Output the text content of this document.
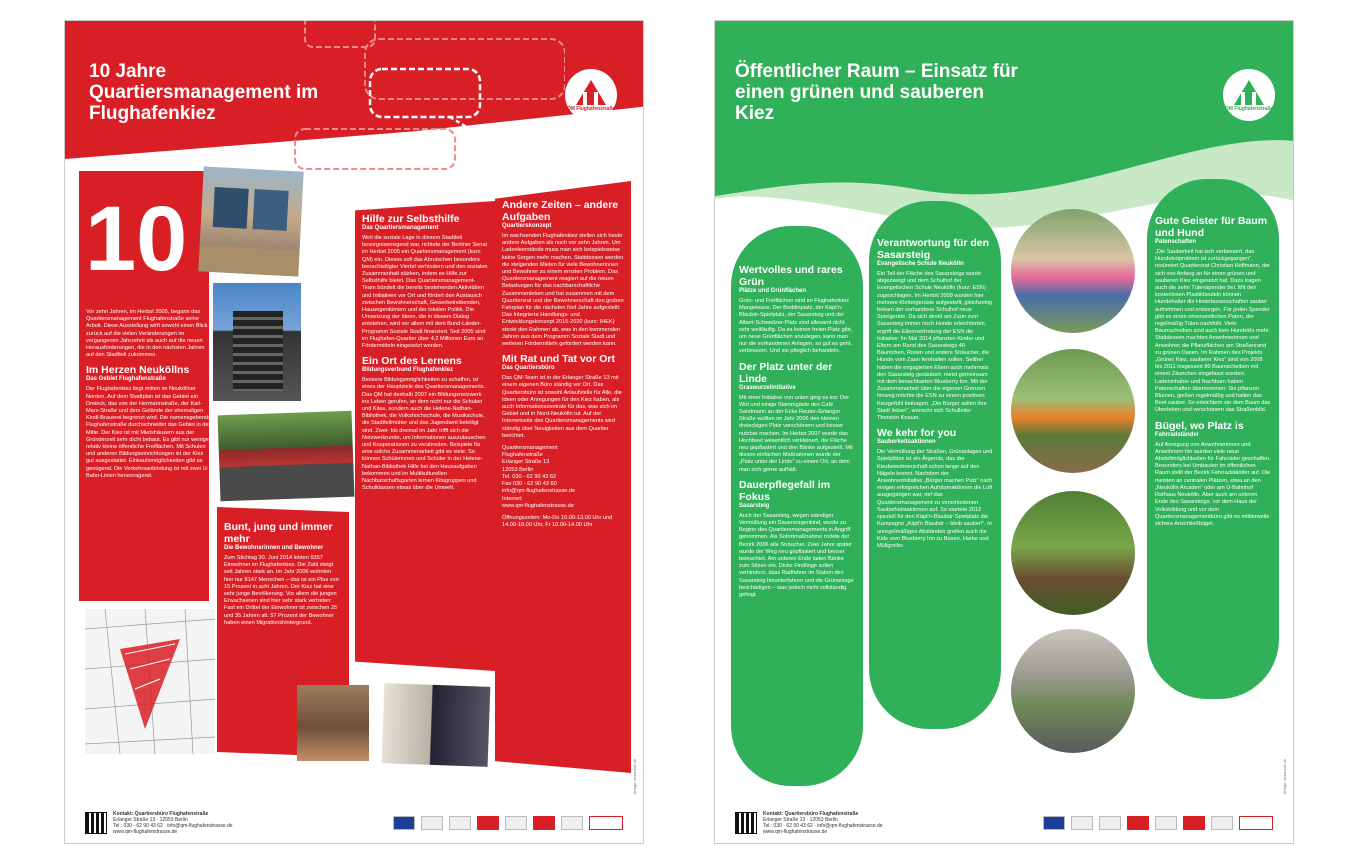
10 Jahre Quartiersmanagement im Flughafenkiez	QM Flughafenstraße
10

Vor zehn Jahren, im Herbst 2005, begann das Quartiersmanagement Flughafenstraße seine Arbeit. Diese Ausstellung wirft sowohl einen Blick zurück auf die vielen Veränderungen im vergangenen Jahrzehnt als auch auf die neuen Herausforderungen, die in den nächsten Jahren auf den Stadtteil zukommen.

Im Herzen Neuköllns
Das Gebiet Flughafenstraße

Der Flughafenkiez liegt mitten im Neuköllner Norden. Auf dem Stadtplan ist das Gebiet ein Dreieck, das von der Hermannstraße, der Karl-Marx-Straße und dem Gelände der ehemaligen Kindl-Brauerei begrenzt wird. Die namensgebende Flughafenstraße durchschneidet das Gebiet in der Mitte. Der Kiez ist mit Mietshäusern aus der Gründerzeit sehr dicht bebaut. Es gibt nur wenige, relativ kleine öffentliche Freiflächen. Mit Schulen und anderen Bildungseinrichtungen ist der Kiez gut ausgestattet. Einkaufsmöglichkeiten gibt es genügend. Die Verkehrsanbindung ist mit zwei U-Bahn-Linien hervorragend.

Hilfe zur Selbsthilfe
Das Quartiersmanagement

Weil die soziale Lage in diesem Stadtteil besorgniserregend war, richtete der Berliner Senat im Herbst 2005 ein Quartiersmanagement (kurz: QM) ein. Dieses soll das Abrutschen besonders benachteiligter Viertel verhindern und den sozialen Zusammenhalt stärken, indem es Hilfe zur Selbsthilfe bietet. Das Quartiersmanagement-Team bündelt die bereits bestehenden Aktivitäten und Initiativen vor Ort und fördert den Austausch zwischen Bewohnerschaft, Gewerbetreibenden, Hauseigentümern und der lokalen Politik. Die Umsetzung der Ideen, die in diesem Dialog entstehen, wird vor allem mit dem Bund-Länder-Programm Soziale Stadt finanziert. Seit 2005 sind im Flughafen-Quartier über 4,2 Millionen Euro an Fördermitteln eingesetzt worden.

Ein Ort des Lernens
Bildungsverbund Flughafenkiez

Bessere Bildungsmöglichkeiten zu schaffen, ist eines der Hauptziele des Quartiersmanagements. Das QM hat deshalb 2007 ein Bildungsnetzwerk ins Leben gerufen, an dem nicht nur die Schulen und Kitas, sondern auch die Helene-Nathan-Bibliothek, die Volkshochschule, die Musikschule, die Stadtteilmütter und das Jugendamt beteiligt sind. Zwei- bis dreimal im Jahr trifft sich die Netzwerkrunde, um Informationen auszutauschen und Kooperationen zu verabreden. Beispiele für eine solche Zusammenarbeit gibt es viele: So können Schülerinnen und Schüler in der Helene-Nathan-Bibliothek Hilfe bei den Hausaufgaben bekommen und im Multikulturellen Nachbarschaftsgarten lernen Kitagruppen und Schulklassen etwas über die Umwelt.

Bunt, jung und immer mehr
Die Bewohnerinnen und Bewohner

Zum Stichtag 30. Juni 2014 lebten 9357 Einwohner im Flughafenkiez. Die Zahl steigt seit Jahren stark an. Im Jahr 2006 wohnten hier nur 8147 Menschen – das ist ein Plus von 15 Prozent in acht Jahren. Der Kiez hat eine sehr junge Bevölkerung. Vor allem die jungen Erwachsenen sind hier sehr stark vertreten: Fast ein Drittel der Einwohner ist zwischen 25 und 35 Jahren alt. 57 Prozent der Bewohner haben einen Migrationshintergrund.

Andere Zeiten – andere Aufgaben
Quartierskonzept

Im wachsenden Flughafenkiez stellen sich heute andere Aufgaben als noch vor zehn Jahren. Um Ladenleerstände muss man sich beispielsweise keine Sorgen mehr machen. Stattdessen werden die steigenden Mieten für viele Bewohnerinnen und Bewohner zu einem ernsten Problem. Das Quartiersmanagement reagiert auf die neuen Belastungen für das nachbarschaftliche Zusammenleben und hat zusammen mit dem Quartiersrat und der Bewohnerschaft den groben Fahrplan für die nächsten fünf Jahre aufgestellt: Das Integrierte Handlungs- und Entwicklungskonzept 2015-2020 (kurz: IHEK) steckt den Rahmen ab, was in den kommenden Jahren aus dem Programm Soziale Stadt und weiteren Fördermitteln gefördert werden kann.

Mit Rat und Tat vor Ort
Das Quartiersbüro

Das QM-Team ist in der Erlanger Straße 13 mit einem eigenen Büro ständig vor Ort. Das Quartiersbüro ist sowohl Anlaufstelle für Alle, die Ideen oder Anregungen für den Kiez haben, als auch Informationszentrale für das, was sich im Gebiet und in Nord-Neukölln tut. Auf der Internetseite des Quartiersmanagements wird ständig über Neuigkeiten aus dem Quartier berichtet.

Quartiersmanagement
Flughafenstraße
Erlanger Straße 13
12053 Berlin
Tel. 030 - 62 90 43 62
Fax 030 - 62 90 43 60
info@qm-flughafenstrasse.de
Internet:
www.qm-flughafenstrasse.de

Öffnungszeiten: Mo-Do 10.00-13.00 Uhr und 14.00-18.00 Uhr, Fr 10.00-14.00 Uhr

design: www.ex9.de
Kontakt: Quartiersbüro Flughafenstraße
Erlanger Straße 13 · 12053 Berlin
Tel.: 030 - 62 90 43 62 · info@qm-flughafenstrasse.de
www.qm-flughafenstrasse.de
Öffentlicher Raum – Einsatz für einen grünen und sauberen Kiez	QM Flughafenstraße
Wertvolles und rares Grün
Plätze und Grünflächen

Grün- und Freiflächen sind im Flughafenkiez Mangelware. Der Boddinplatz, der Käpt'n-Blaubär-Spielplatz, der Sasarsteig und der Albert-Schweitzer-Platz sind allesamt nicht sehr weitläufig. Da es keinen freien Platz gibt, um neue Grünflächen anzulegen, kann man nur die vorhandenen Anlagen, so gut es geht, verbessern. Und sie pfleglich behandeln.

Der Platz unter der Linde
Graswurzelinitiative

Mit einer Initiative von unten ging es los: Der Wirt und einige Stammgäste des Café Sandmann an der Ecke Reuter-/Erlanger Straße wollten im Jahr 2006 den kleinen dreieckigen Platz verschönern und besser nutzbar machen. Im Herbst 2007 wurde das Hochbeet wesentlich verkleinert, die Fläche neu gepflastert und drei Bänke aufgestellt. Mit diesen einfachen Maßnahmen wurde der „Platz unter der Linde“ zu einem Ort, an dem man sich gerne aufhält.

Dauerpflegefall im Fokus
Sasarsteig

Auch der Sasarsteig, wegen ständiger Vermüllung ein Dauersorgenkind, wurde zu Beginn des Quartiersmanagements in Angriff genommen. Als Sofortmaßnahme rodete der Bezirk 2006 alle Sträucher. Zwei Jahre später wurde der Weg neu gepflastert und besser beleuchtet. Am unteren Ende laden Bänke zum Sitzen ein. Dicke Findlinge sollen verhindern, dass Radfahrer im Slalom den Sasarsteig hinunterfahren und die Grünanlage beschädigen – was jedoch nicht vollständig gelingt.

Verantwortung für den Sasarsteig
Evangelische Schule Neukölln

Ein Teil der Fläche des Sasarsteigs wurde abgezweigt und dem Schulhof der Evangelischen Schule Neukölln (kurz: ESN) zugeschlagen. Im Herbst 2009 wurden hier mehrere Klettergerüste aufgestellt, gleichzeitig bekam der vorhandene Schulhof neue Spielgeräte. Da sich direkt am Zaun zum Sasarsteig immer noch Hunde erleichterten, ergriff die Elternvertretung der ESN die Initiative: Im Mai 2014 pflanzten Kinder und Eltern am Rand des Sasarsteigs 40 Bäumchen, Rosen und andere Sträucher, die Hunde vom Zaun fernhalten sollen. Seither haben die engagierten Eltern auch mehrmals den Sasarsteig gesäubert, meist gemeinsam mit dem benachbarten Blueberry Inn. Mit der Zusammenarbeit über die eigenen Grenzen hinweg möchte die ESN zu einem positiven Kiezgefühl beitragen. „Die Bürger sollen ihre Stadt lieben“, wünscht sich Schulleiter Thorsten Knauer.

We kehr for you
Sauberkeitsaktionen

Die Vermüllung der Straßen, Grünanlagen und Spielplätze ist ein Ärgernis, das der Kiezbewohnerschaft schon lange auf den Nägeln brennt. Nachdem der Anwohnerinitiative „Bürger machen Putz“ nach einigen erfolgreichen Aufräumaktionen die Luft ausgegangen war, rief das Quartiersmanagement zu verschiedenen Sauberkeitsaktionen auf. So startete 2012 speziell für den Käpt'n-Blaubär-Spielplatz die Kampagne „Käpt'n Blaubär – bleib sauber!“. In unregelmäßigen Abständen greifen auch die Kids vom Blueberry Inn zu Besen, Harke und Müllgreifer.

Gute Geister für Baum und Hund
Patenschaften

„Die Sauberkeit hat sich verbessert, das Hundekotproblem ist zurückgegangen“, resümiert Quartiersrat Christian Hoffmann, der sich von Anfang an für einen grünen und sauberen Kiez eingesetzt hat. Dazu tragen auch die zehn Tütenspender bei. Mit den kostenlosen Plastikbeuteln können Hundehalter die Hinterlassenschaften sauber aufnehmen und entsorgen. Für jeden Spender gibt es einen ehrenamtlichen Paten, der regelmäßig Tüten nachfüllt. Viele Baumscheiben sind auch kein Hundeklo mehr. Stattdessen machten Anwohnerinnen und Anwohner die Pflanzflächen am Straßenrand zu grünen Oasen. Im Rahmen des Projekts „Grüner Kiez, sauberer Kiez“ sind von 2008 bis 2011 insgesamt 80 Baumscheiben mit einem Zäunchen eingefasst worden. Ladeninhaber und Nachbarn haben Patenschaften übernommen: Sie pflanzen Blumen, gießen regelmäßig und halten das Beet sauber. So erleichtern sie dem Baum das Überleben und verschönern das Straßenbild.

Bügel, wo Platz is
Fahrradständer

Auf Anregung von Anwohnerinnen und Anwohnern hin wurden viele neue Abstellmöglichkeiten für Fahrräder geschaffen. Besonders bei Umbauten im öffentlichen Raum stellt der Bezirk Fahrradständer auf. Die meisten an zentralen Plätzen, etwa an den „Neukölln Arcaden“ oder am U-Bahnhof Rathaus Neukölln. Aber auch am unteren Ende des Sasarsteigs, vor dem Haus der Volksbildung und vor dem Quartiersmanagementbüro gibt es mittlerweile sichere Anschließbügel.

design: www.ex9.de
Kontakt: Quartiersbüro Flughafenstraße
Erlanger Straße 13 · 12053 Berlin
Tel.: 030 - 62 90 43 62 · info@qm-flughafenstrasse.de
www.qm-flughafenstrasse.de
